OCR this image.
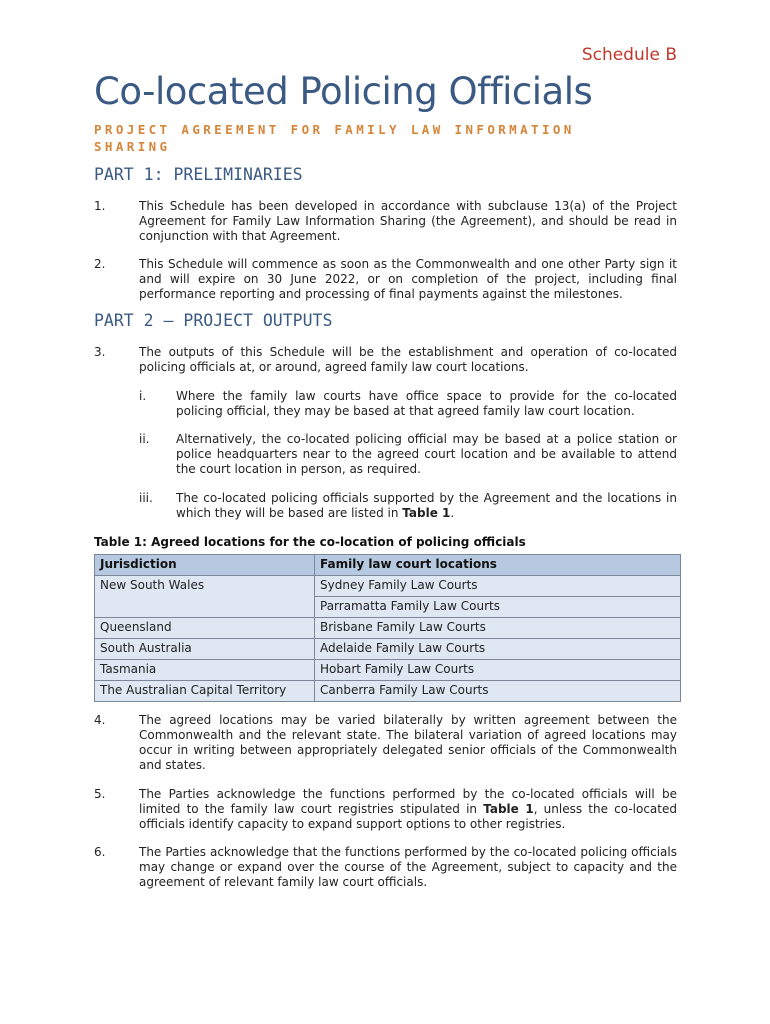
Schedule B
Co-located Policing Officials
PROJECT AGREEMENT FOR FAMILY LAW INFORMATION SHARING
PART 1: PRELIMINARIES
1.	This Schedule has been developed in accordance with subclause 13(a) of the Project Agreement for Family Law Information Sharing (the Agreement), and should be read in conjunction with that Agreement.
2.	This Schedule will commence as soon as the Commonwealth and one other Party sign it and will expire on 30 June 2022, or on completion of the project, including final performance reporting and processing of final payments against the milestones.
PART 2 – PROJECT OUTPUTS
3.	The outputs of this Schedule will be the establishment and operation of co-located policing officials at, or around, agreed family law court locations.
i. Where the family law courts have office space to provide for the co-located policing official, they may be based at that agreed family law court location.
ii. Alternatively, the co-located policing official may be based at a police station or police headquarters near to the agreed court location and be available to attend the court location in person, as required.
iii. The co-located policing officials supported by the Agreement and the locations in which they will be based are listed in Table 1.
Table 1: Agreed locations for the co-location of policing officials
Jurisdiction	Family law court locations
New South Wales	Sydney Family Law Courts
	Parramatta Family Law Courts
Queensland	Brisbane Family Law Courts
South Australia	Adelaide Family Law Courts
Tasmania	Hobart Family Law Courts
The Australian Capital Territory	Canberra Family Law Courts
4.	The agreed locations may be varied bilaterally by written agreement between the Commonwealth and the relevant state. The bilateral variation of agreed locations may occur in writing between appropriately delegated senior officials of the Commonwealth and states.
5.	The Parties acknowledge the functions performed by the co-located officials will be limited to the family law court registries stipulated in Table 1, unless the co-located officials identify capacity to expand support options to other registries.
6.	The Parties acknowledge that the functions performed by the co-located policing officials may change or expand over the course of the Agreement, subject to capacity and the agreement of relevant family law court officials.
